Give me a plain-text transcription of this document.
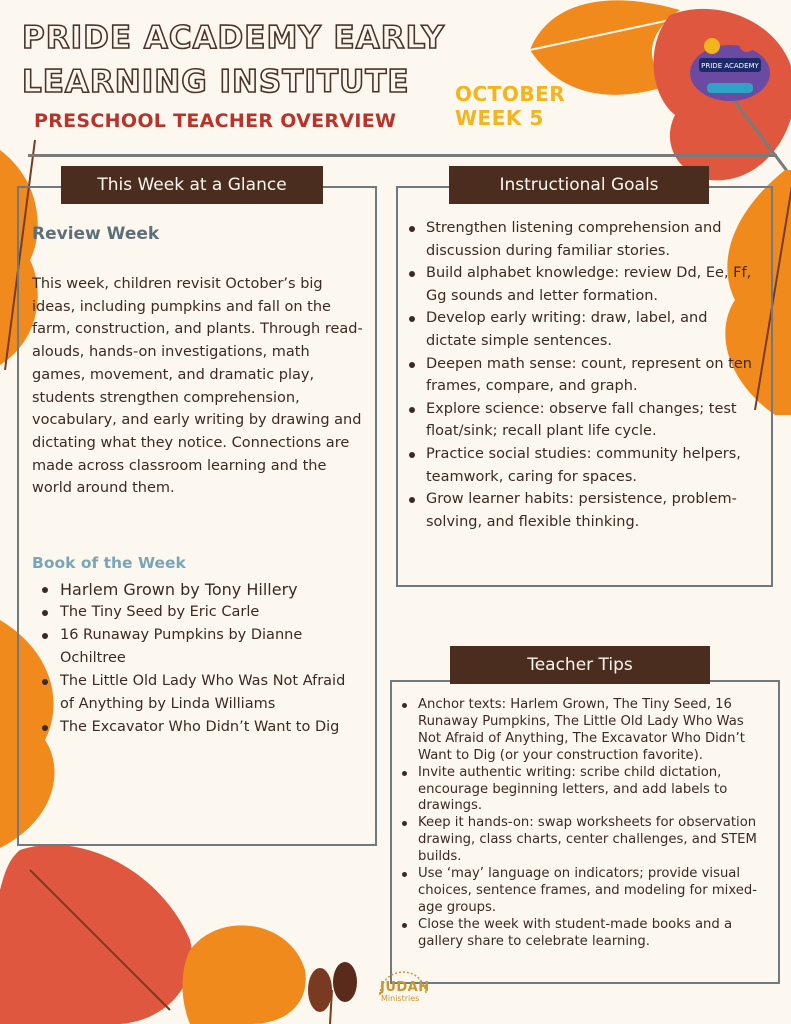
PRIDE ACADEMY EARLY
LEARNING INSTITUTE
PRESCHOOL TEACHER OVERVIEW
OCTOBER
WEEK 5
PRIDE ACADEMY
This Week at a Glance
Review Week
This week, children revisit October’s big ideas, including pumpkins and fall on the farm, construction, and plants. Through read-alouds, hands-on investigations, math games, movement, and dramatic play, students strengthen comprehension, vocabulary, and early writing by drawing and dictating what they notice. Connections are made across classroom learning and the world around them.
Book of the Week
Harlem Grown by Tony Hillery
The Tiny Seed by Eric Carle
16 Runaway Pumpkins by Dianne Ochiltree
The Little Old Lady Who Was Not Afraid of Anything by Linda Williams
The Excavator Who Didn’t Want to Dig
Instructional Goals
Strengthen listening comprehension and discussion during familiar stories.
Build alphabet knowledge: review Dd, Ee, Ff, Gg sounds and letter formation.
Develop early writing: draw, label, and dictate simple sentences.
Deepen math sense: count, represent on ten frames, compare, and graph.
Explore science: observe fall changes; test float/sink; recall plant life cycle.
Practice social studies: community helpers, teamwork, caring for spaces.
Grow learner habits: persistence, problem-solving, and flexible thinking.
Teacher Tips
Anchor texts: Harlem Grown, The Tiny Seed, 16 Runaway Pumpkins, The Little Old Lady Who Was Not Afraid of Anything, The Excavator Who Didn’t Want to Dig (or your construction favorite).
Invite authentic writing: scribe child dictation, encourage beginning letters, and add labels to drawings.
Keep it hands-on: swap worksheets for observation drawing, class charts, center challenges, and STEM builds.
Use ‘may’ language on indicators; provide visual choices, sentence frames, and modeling for mixed-age groups.
Close the week with student-made books and a gallery share to celebrate learning.
JUDAH
Ministries
